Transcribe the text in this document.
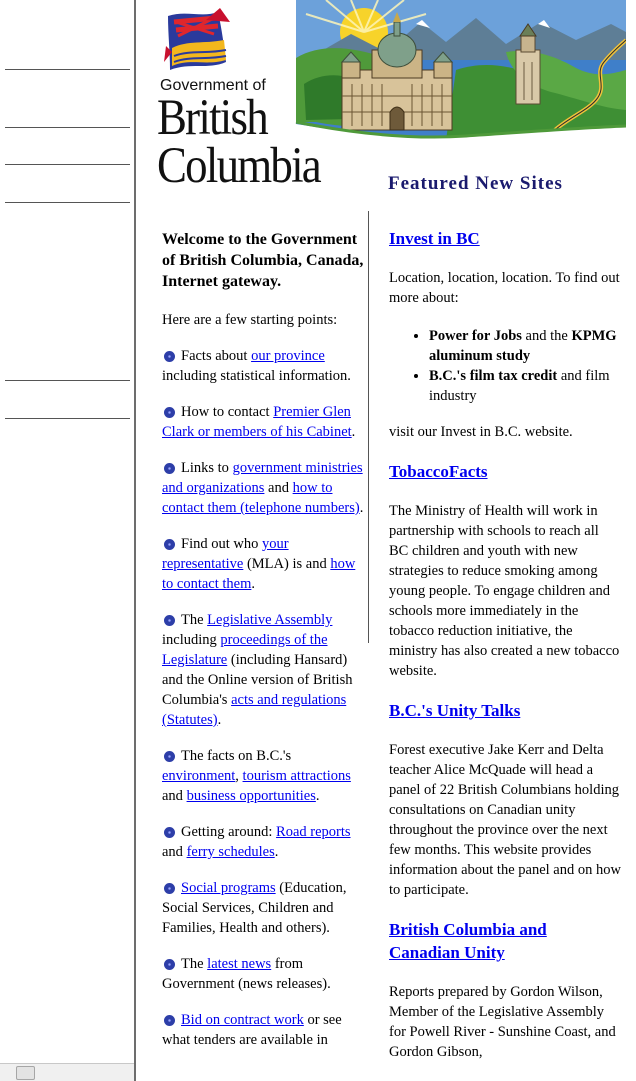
Government of
British
Columbia	Featured New Sites
Welcome to the Government of British Columbia, Canada, Internet gateway.

Here are a few starting points:

Facts about our province including statistical information.

How to contact Premier Glen Clark or members of his Cabinet.

Links to government ministries and organizations and how to contact them (telephone numbers).

Find out who your representative (MLA) is and how to contact them.

The Legislative Assembly including proceedings of the Legislature (including Hansard) and the Online version of British Columbia's acts and regulations (Statutes).

The facts on B.C.'s environment, tourism attractions and business opportunities.

Getting around: Road reports and ferry schedules.

Social programs (Education, Social Services, Children and Families, Health and others).

The latest news from Government (news releases).

Bid on contract work or see what tenders are available in

Invest in BC

Location, location, location. To find out more about:

• Power for Jobs and the KPMG aluminum study
• B.C.'s film tax credit and film industry

visit our Invest in B.C. website.

TobaccoFacts

The Ministry of Health will work in partnership with schools to reach all BC children and youth with new strategies to reduce smoking among young people. To engage children and schools more immediately in the tobacco reduction initiative, the ministry has also created a new tobacco website.

B.C.'s Unity Talks

Forest executive Jake Kerr and Delta teacher Alice McQuade will head a panel of 22 British Columbians holding consultations on Canadian unity throughout the province over the next few months. This website provides information about the panel and on how to participate.

British Columbia and Canadian Unity

Reports prepared by Gordon Wilson, Member of the Legislative Assembly for Powell River - Sunshine Coast, and Gordon Gibson,
